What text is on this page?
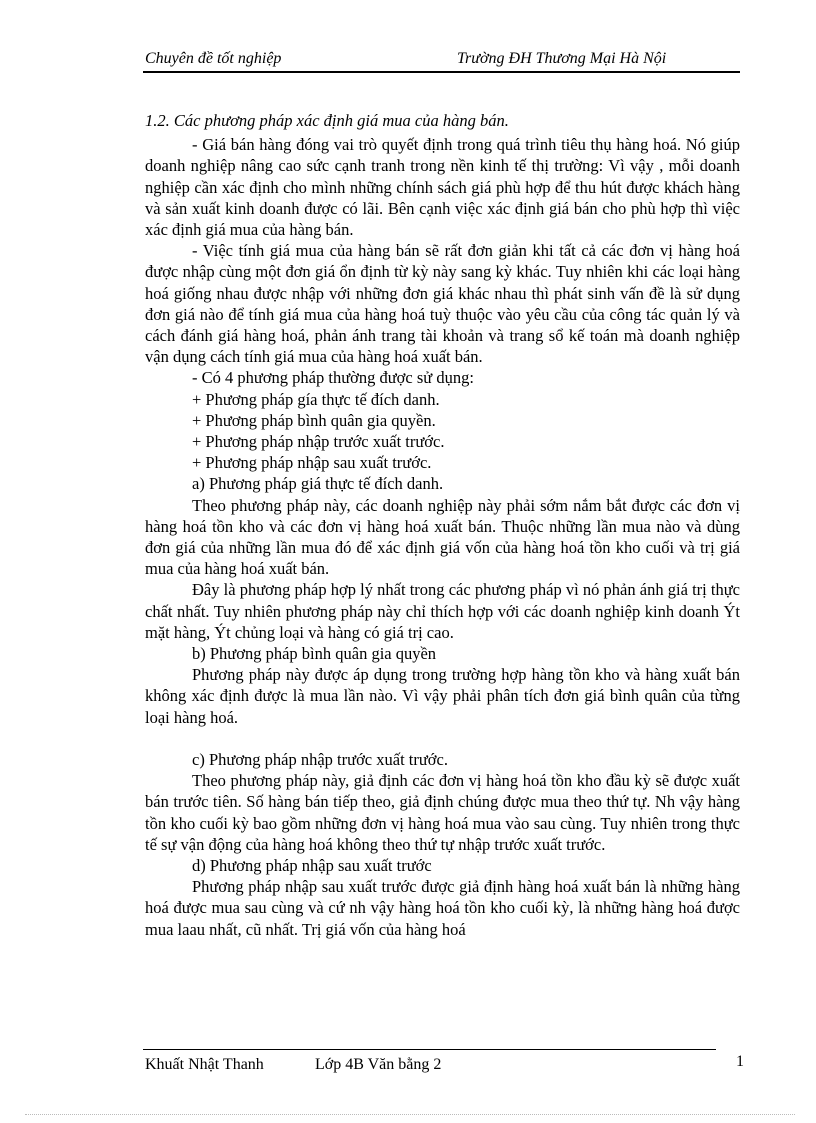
Chuyên đề tốt nghiệp	Trường ĐH Thương Mại Hà Nội

1.2. Các phương pháp xác định giá mua của hàng bán.

- Giá bán hàng đóng vai trò quyết định trong quá trình tiêu thụ hàng hoá. Nó giúp doanh nghiệp nâng cao sức cạnh tranh trong nền kinh tế thị trường: Vì vậy , mỗi doanh nghiệp cần xác định cho mình những chính sách giá phù hợp để thu hút được khách hàng và sản xuất kinh doanh được có lãi. Bên cạnh việc xác định giá bán cho phù hợp thì việc xác định giá mua của hàng bán.

- Việc tính giá mua của hàng bán sẽ rất đơn giản khi tất cả các đơn vị hàng hoá được nhập cùng một đơn giá ổn định từ kỳ này sang kỳ khác. Tuy nhiên khi các loại hàng hoá giống nhau được nhập với những đơn giá khác nhau thì phát sinh vấn đề là sử dụng đơn giá nào để tính giá mua của hàng hoá tuỳ thuộc vào yêu cầu của công tác quản lý và cách đánh giá hàng hoá, phản ánh trang tài khoản và trang sổ kế toán mà doanh nghiệp vận dụng cách tính giá mua của hàng hoá xuất bán.

- Có 4 phương pháp thường được sử dụng:

+ Phương pháp gía thực tế đích danh.

+ Phương pháp bình quân gia quyền.

+ Phương pháp nhập trước xuất trước.

+ Phương pháp nhập sau xuất trước.

a) Phương pháp giá thực tế đích danh.

Theo phương pháp này, các doanh nghiệp này phải sớm nắm bắt được các đơn vị hàng hoá tồn kho và các đơn vị hàng hoá xuất bán. Thuộc những lần mua nào và dùng đơn giá của những lần mua đó để xác định giá vốn của hàng hoá tồn kho cuối và trị giá mua của hàng hoá xuất bán.

Đây là phương pháp hợp lý nhất trong các phương pháp vì nó phản ánh giá trị thực chất nhất. Tuy nhiên phương pháp này chỉ thích hợp với các doanh nghiệp kinh doanh Ýt mặt hàng, Ýt chủng loại và hàng có giá trị cao.

b) Phương pháp bình quân gia quyền

Phương pháp này được áp dụng trong trường hợp hàng tồn kho và hàng xuất bán không xác định được là mua lần nào. Vì vậy phải phân tích đơn giá bình quân của từng loại hàng hoá.

c) Phương pháp nhập trước xuất trước.

Theo phương pháp này, giả định các đơn vị hàng hoá tồn kho đầu kỳ sẽ được xuất bán trước tiên. Số hàng bán tiếp theo, giả định chúng được mua theo thứ tự. Nh vậy hàng tồn kho cuối kỳ bao gồm những đơn vị hàng hoá mua vào sau cùng. Tuy nhiên trong thực tế sự vận động của hàng hoá không theo thứ tự nhập trước xuất trước.

d) Phương pháp nhập sau xuất trước

Phương pháp nhập sau xuất trước được giả định hàng hoá xuất bán là những hàng hoá được mua sau cùng và cứ nh vậy hàng hoá tồn kho cuối kỳ, là những hàng hoá được mua laau nhất, cũ nhất. Trị giá vốn của hàng hoá

Khuất Nhật Thanh	Lớp 4B Văn bằng 2	1
